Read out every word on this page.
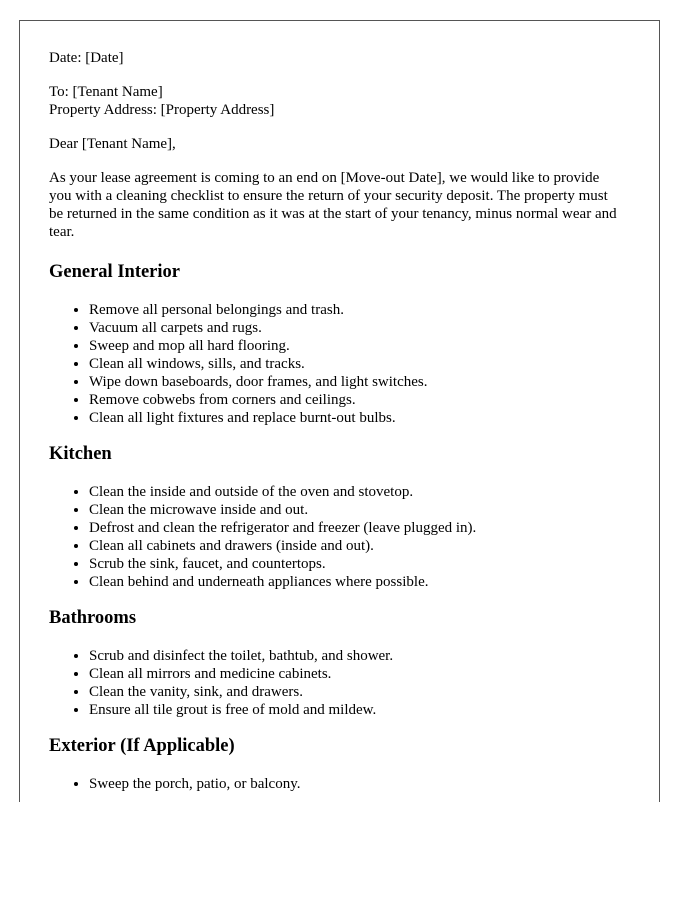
Date: [Date]

To: [Tenant Name]
Property Address: [Property Address]

Dear [Tenant Name],

As your lease agreement is coming to an end on [Move-out Date], we would like to provide you with a cleaning checklist to ensure the return of your security deposit. The property must be returned in the same condition as it was at the start of your tenancy, minus normal wear and tear.

General Interior
• Remove all personal belongings and trash.
• Vacuum all carpets and rugs.
• Sweep and mop all hard flooring.
• Clean all windows, sills, and tracks.
• Wipe down baseboards, door frames, and light switches.
• Remove cobwebs from corners and ceilings.
• Clean all light fixtures and replace burnt-out bulbs.
Kitchen
• Clean the inside and outside of the oven and stovetop.
• Clean the microwave inside and out.
• Defrost and clean the refrigerator and freezer (leave plugged in).
• Clean all cabinets and drawers (inside and out).
• Scrub the sink, faucet, and countertops.
• Clean behind and underneath appliances where possible.
Bathrooms
• Scrub and disinfect the toilet, bathtub, and shower.
• Clean all mirrors and medicine cabinets.
• Clean the vanity, sink, and drawers.
• Ensure all tile grout is free of mold and mildew.
Exterior (If Applicable)
• Sweep the porch, patio, or balcony.
